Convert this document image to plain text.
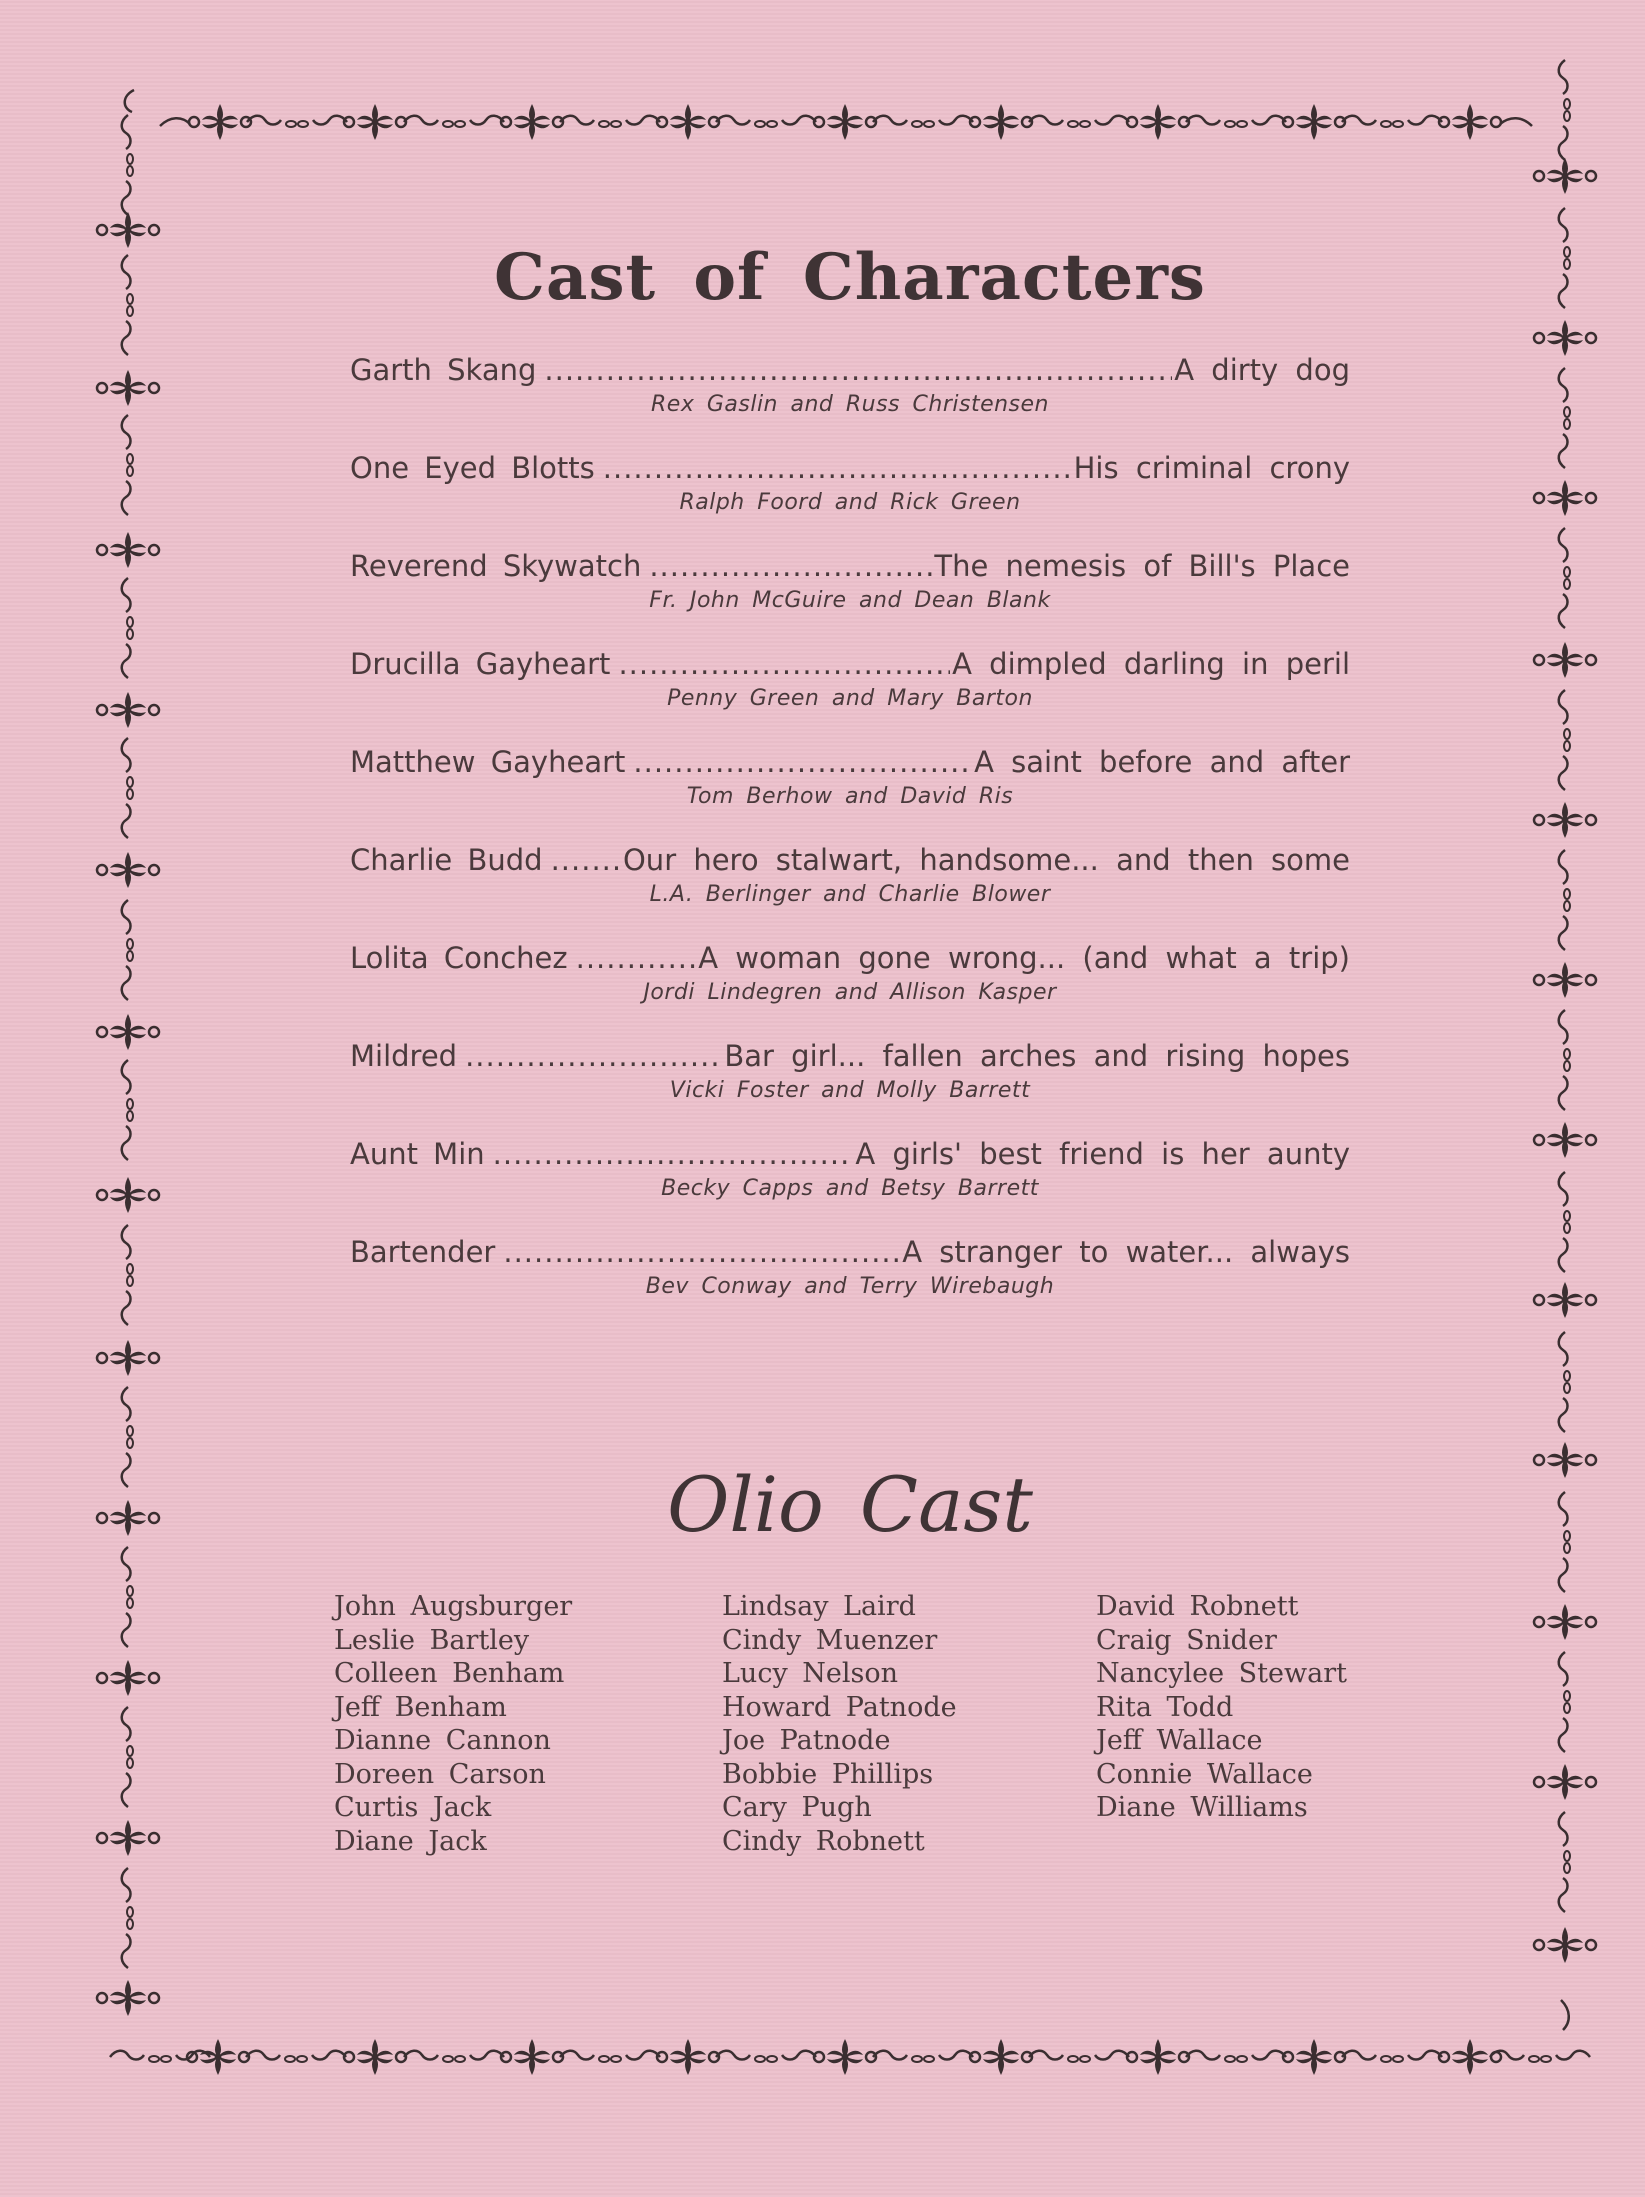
Cast of Characters
Garth Skang .....	A dirty dog
Rex Gaslin and Russ Christensen
One Eyed Blotts .....	His criminal crony
Ralph Foord and Rick Green
Reverend Skywatch .....	The nemesis of Bill's Place
Fr. John McGuire and Dean Blank
Drucilla Gayheart .....	A dimpled darling in peril
Penny Green and Mary Barton
Matthew Gayheart .....	A saint before and after
Tom Berhow and David Ris
Charlie Budd .....	Our hero stalwart, handsome... and then some
L.A. Berlinger and Charlie Blower
Lolita Conchez .....	A woman gone wrong... (and what a trip)
Jordi Lindegren and Allison Kasper
Mildred .....	Bar girl... fallen arches and rising hopes
Vicki Foster and Molly Barrett
Aunt Min .....	A girls' best friend is her aunty
Becky Capps and Betsy Barrett
Bartender .....	A stranger to water... always
Bev Conway and Terry Wirebaugh
Olio Cast
John Augsburger
Leslie Bartley
Colleen Benham
Jeff Benham
Dianne Cannon
Doreen Carson
Curtis Jack
Diane Jack
Lindsay Laird
Cindy Muenzer
Lucy Nelson
Howard Patnode
Joe Patnode
Bobbie Phillips
Cary Pugh
Cindy Robnett
David Robnett
Craig Snider
Nancylee Stewart
Rita Todd
Jeff Wallace
Connie Wallace
Diane Williams
